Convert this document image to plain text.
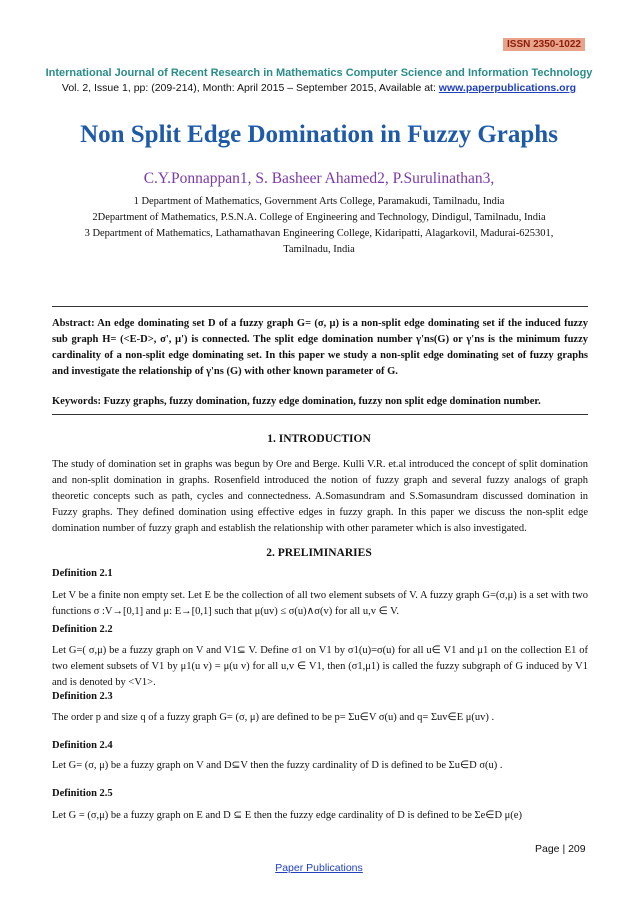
ISSN 2350-1022
International Journal of Recent Research in Mathematics Computer Science and Information Technology
Vol. 2, Issue 1, pp: (209-214), Month: April 2015 – September 2015, Available at: www.paperpublications.org
Non Split Edge Domination in Fuzzy Graphs
C.Y.Ponnappan1, S. Basheer Ahamed2, P.Surulinathan3,
1 Department of Mathematics, Government Arts College, Paramakudi, Tamilnadu, India
2Department of Mathematics, P.S.N.A. College of Engineering and Technology, Dindigul, Tamilnadu, India
3 Department of Mathematics, Lathamathavan Engineering College, Kidaripatti, Alagarkovil, Madurai-625301,
Tamilnadu, India
Abstract: An edge dominating set D of a fuzzy graph G= (σ, μ) is a non-split edge dominating set if the induced fuzzy sub graph H= (<E-D>, σ', μ') is connected. The split edge domination number γ'ns(G) or γ'ns is the minimum fuzzy cardinality of a non-split edge dominating set. In this paper we study a non-split edge dominating set of fuzzy graphs and investigate the relationship of γ'ns (G) with other known parameter of G.
Keywords: Fuzzy graphs, fuzzy domination, fuzzy edge domination, fuzzy non split edge domination number.
1. INTRODUCTION
The study of domination set in graphs was begun by Ore and Berge. Kulli V.R. et.al introduced the concept of split domination and non-split domination in graphs. Rosenfield introduced the notion of fuzzy graph and several fuzzy analogs of graph theoretic concepts such as path, cycles and connectedness. A.Somasundram and S.Somasundram discussed domination in Fuzzy graphs. They defined domination using effective edges in fuzzy graph. In this paper we discuss the non-split edge domination number of fuzzy graph and establish the relationship with other parameter which is also investigated.
2. PRELIMINARIES
Definition 2.1
Let V be a finite non empty set. Let E be the collection of all two element subsets of V. A fuzzy graph G=(σ,μ) is a set with two functions σ :V→[0,1] and μ: E→[0,1] such that μ(uv) ≤ σ(u)∧σ(v) for all u,v ∈ V.
Definition 2.2
Let G=( σ,μ) be a fuzzy graph on V and V1⊆ V. Define σ1 on V1 by σ1(u)=σ(u) for all u∈ V1 and μ1 on the collection E1 of two element subsets of V1 by μ1(u v) = μ(u v) for all u,v ∈ V1, then (σ1,μ1) is called the fuzzy subgraph of G induced by V1 and is denoted by <V1>.
Definition 2.3
The order p and size q of a fuzzy graph G= (σ, μ) are defined to be p= Σu∈V σ(u) and q= Σuv∈E μ(uv) .
Definition 2.4
Let G= (σ, μ) be a fuzzy graph on V and D⊆V then the fuzzy cardinality of D is defined to be Σu∈D σ(u) .
Definition 2.5
Let G = (σ,μ) be a fuzzy graph on E and D ⊆ E then the fuzzy edge cardinality of D is defined to be Σe∈D μ(e)
Page | 209
Paper Publications
